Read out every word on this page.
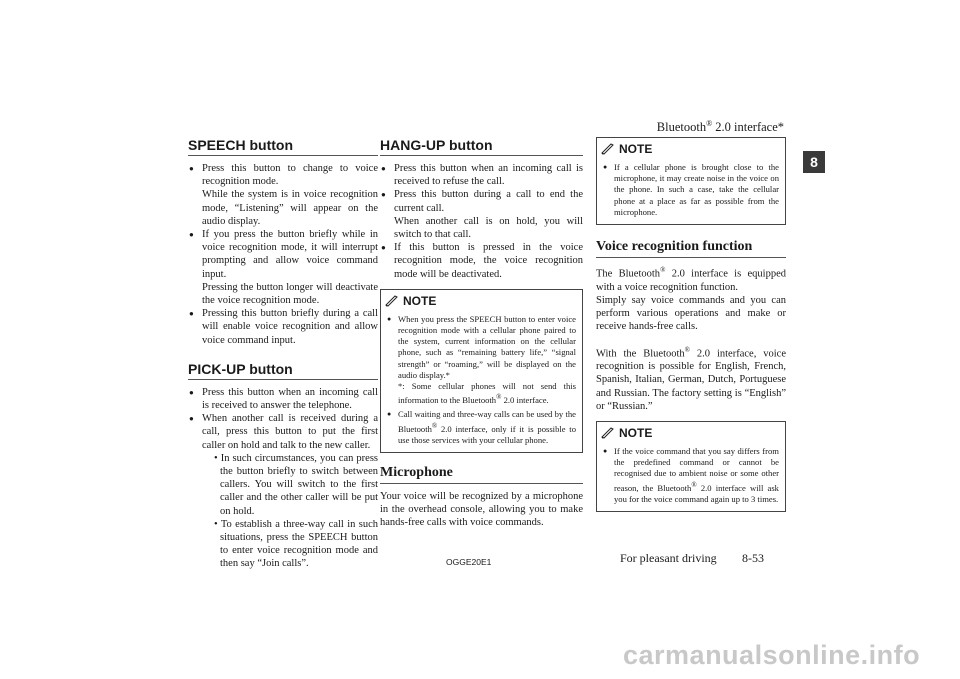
Bluetooth® 2.0 interface*
8
SPEECH button
● Press this button to change to voice recognition mode.
While the system is in voice recognition mode, “Listening” will appear on the audio display.
● If you press the button briefly while in voice recognition mode, it will interrupt prompting and allow voice command input.
Pressing the button longer will deactivate the voice recognition mode.
● Pressing this button briefly during a call will enable voice recognition and allow voice command input.
PICK-UP button
● Press this button when an incoming call is received to answer the telephone.
● When another call is received during a call, press this button to put the first caller on hold and talk to the new caller.
• In such circumstances, you can press the button briefly to switch between callers. You will switch to the first caller and the other caller will be put on hold.
• To establish a three-way call in such situations, press the SPEECH button to enter voice recognition mode and then say “Join calls”.
HANG-UP button
● Press this button when an incoming call is received to refuse the call.
● Press this button during a call to end the current call.
When another call is on hold, you will switch to that call.
● If this button is pressed in the voice recognition mode, the voice recognition mode will be deactivated.
NOTE
● When you press the SPEECH button to enter voice recognition mode with a cellular phone paired to the system, current information on the cellular phone, such as “remaining battery life,” “signal strength” or “roaming,” will be displayed on the audio display.*
*: Some cellular phones will not send this information to the Bluetooth® 2.0 interface.
● Call waiting and three-way calls can be used by the Bluetooth® 2.0 interface, only if it is possible to use those services with your cellular phone.
Microphone

Your voice will be recognized by a microphone in the overhead console, allowing you to make hands-free calls with voice commands.

NOTE
● If a cellular phone is brought close to the microphone, it may create noise in the voice on the phone. In such a case, take the cellular phone at a place as far as possible from the microphone.
Voice recognition function

The Bluetooth® 2.0 interface is equipped with a voice recognition function.

Simply say voice commands and you can perform various operations and make or receive hands-free calls.

With the Bluetooth® 2.0 interface, voice recognition is possible for English, French, Spanish, Italian, German, Dutch, Portuguese and Russian. The factory setting is “English” or “Russian.”

NOTE
● If the voice command that you say differs from the predefined command or cannot be recognised due to ambient noise or some other reason, the Bluetooth® 2.0 interface will ask you for the voice command again up to 3 times.
OGGE20E1	For pleasant driving 8-53
carmanualsonline.info
